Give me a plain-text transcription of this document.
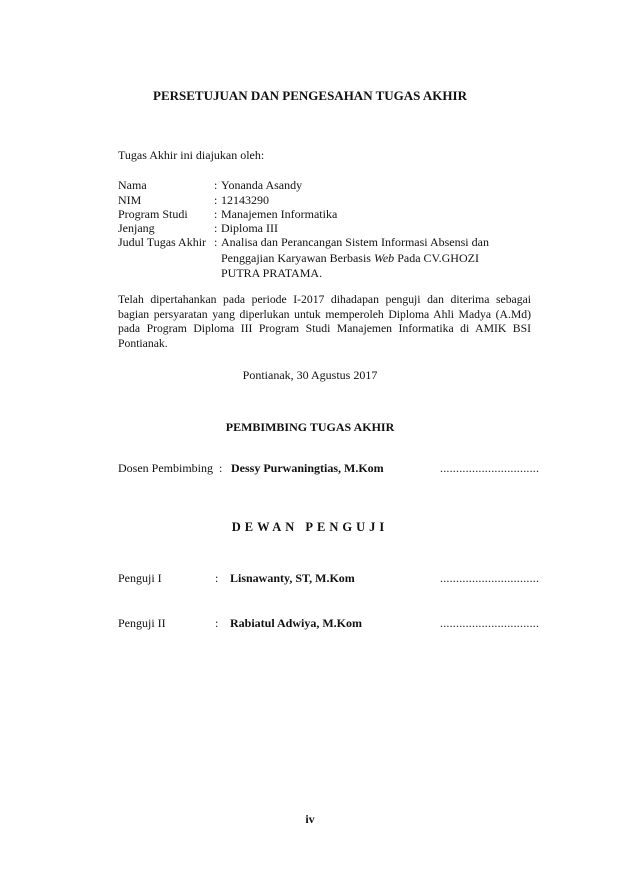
PERSETUJUAN DAN PENGESAHAN TUGAS AKHIR
Tugas Akhir ini diajukan oleh:
Nama	: Yonanda Asandy
NIM	: 12143290
Program Studi : Manajemen Informatika
Jenjang	: Diploma III
Judul Tugas Akhir : Analisa dan Perancangan Sistem Informasi Absensi dan
Penggajian Karyawan Berbasis Web Pada CV.GHOZI
PUTRA PRATAMA.
Telah dipertahankan pada periode I-2017 dihadapan penguji dan diterima sebagai bagian persyaratan yang diperlukan untuk memperoleh Diploma Ahli Madya (A.Md) pada Program Diploma III Program Studi Manajemen Informatika di AMIK BSI Pontianak.
Pontianak, 30 Agustus 2017
PEMBIMBING TUGAS AKHIR
Dosen Pembimbing : Dessy Purwaningtias, M.Kom	...............................
DEWAN PENGUJI
Penguji I	: Lisnawanty, ST, M.Kom	...............................
Penguji II	: Rabiatul Adwiya, M.Kom	...............................
iv
